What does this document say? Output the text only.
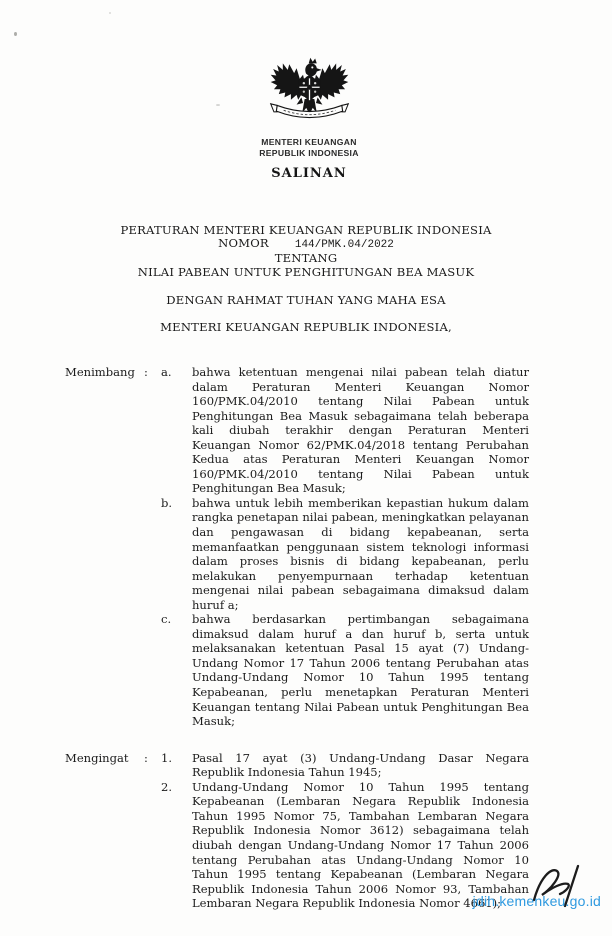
MENTERI KEUANGAN
REPUBLIK INDONESIA
SALINAN
PERATURAN MENTERI KEUANGAN REPUBLIK INDONESIA
NOMOR 144/PMK.04/2022
TENTANG
NILAI PABEAN UNTUK PENGHITUNGAN BEA MASUK
DENGAN RAHMAT TUHAN YANG MAHA ESA
MENTERI KEUANGAN REPUBLIK INDONESIA,
Menimbang :	a.	bahwa ketentuan mengenai nilai pabean telah diatur dalam Peraturan Menteri Keuangan Nomor 160/PMK.04/2010 tentang Nilai Pabean untuk Penghitungan Bea Masuk sebagaimana telah beberapa kali diubah terakhir dengan Peraturan Menteri Keuangan Nomor 62/PMK.04/2018 tentang Perubahan Kedua atas Peraturan Menteri Keuangan Nomor 160/PMK.04/2010 tentang Nilai Pabean untuk Penghitungan Bea Masuk;
b.	bahwa untuk lebih memberikan kepastian hukum dalam rangka penetapan nilai pabean, meningkatkan pelayanan dan pengawasan di bidang kepabeanan, serta memanfaatkan penggunaan sistem teknologi informasi dalam proses bisnis di bidang kepabeanan, perlu melakukan penyempurnaan terhadap ketentuan mengenai nilai pabean sebagaimana dimaksud dalam huruf a;
c.	bahwa berdasarkan pertimbangan sebagaimana dimaksud dalam huruf a dan huruf b, serta untuk melaksanakan ketentuan Pasal 15 ayat (7) Undang-Undang Nomor 17 Tahun 2006 tentang Perubahan atas Undang-Undang Nomor 10 Tahun 1995 tentang Kepabeanan, perlu menetapkan Peraturan Menteri Keuangan tentang Nilai Pabean untuk Penghitungan Bea Masuk;
Mengingat	:	1.	Pasal 17 ayat (3) Undang-Undang Dasar Negara Republik Indonesia Tahun 1945;
2.	Undang-Undang Nomor 10 Tahun 1995 tentang Kepabeanan (Lembaran Negara Republik Indonesia Tahun 1995 Nomor 75, Tambahan Lembaran Negara Republik Indonesia Nomor 3612) sebagaimana telah diubah dengan Undang-Undang Nomor 17 Tahun 2006 tentang Perubahan atas Undang-Undang Nomor 10 Tahun 1995 tentang Kepabeanan (Lembaran Negara Republik Indonesia Tahun 2006 Nomor 93, Tambahan Lembaran Negara Republik Indonesia Nomor 4661);
jdih.kemenkeu.go.id
